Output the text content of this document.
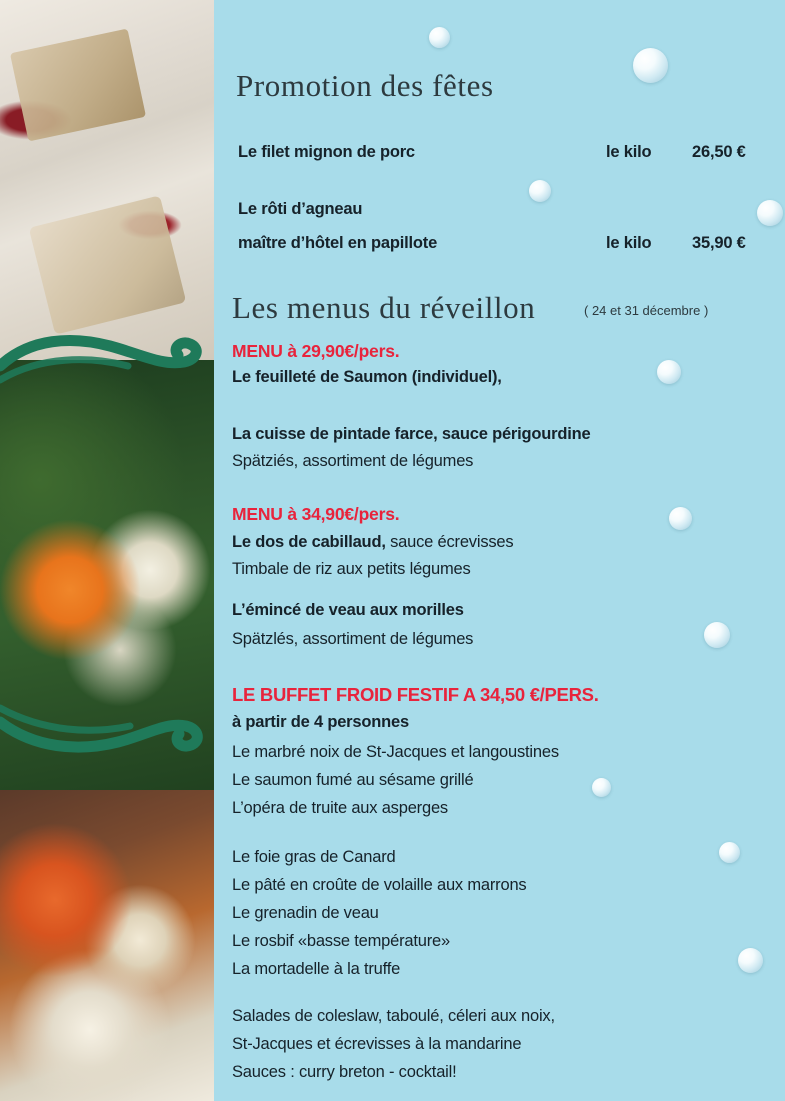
Promotion des fêtes
Le filet mignon de porc	le kilo 26,50 €
Le rôti d’agneau
maître d’hôtel en papillote	le kilo 35,90 €
Les menus du réveillon	( 24 et 31 décembre )
MENU à 29,90€/pers.
Le feuilleté de Saumon (individuel),
La cuisse de pintade farce, sauce périgourdine
Spätziés, assortiment de légumes
MENU à 34,90€/pers.
Le dos de cabillaud, sauce écrevisses
Timbale de riz aux petits légumes
L’émincé de veau aux morilles
Spätzlés, assortiment de légumes
LE BUFFET FROID FESTIF A 34,50 €/PERS.
à partir de 4 personnes
Le marbré noix de St-Jacques et langoustines
Le saumon fumé au sésame grillé
L’opéra de truite aux asperges
Le foie gras de Canard
Le pâté en croûte de volaille aux marrons
Le grenadin de veau
Le rosbif «basse température»
La mortadelle à la truffe
Salades de coleslaw, taboulé, céleri aux noix,
St-Jacques et écrevisses à la mandarine
Sauces : curry breton - cocktail!
